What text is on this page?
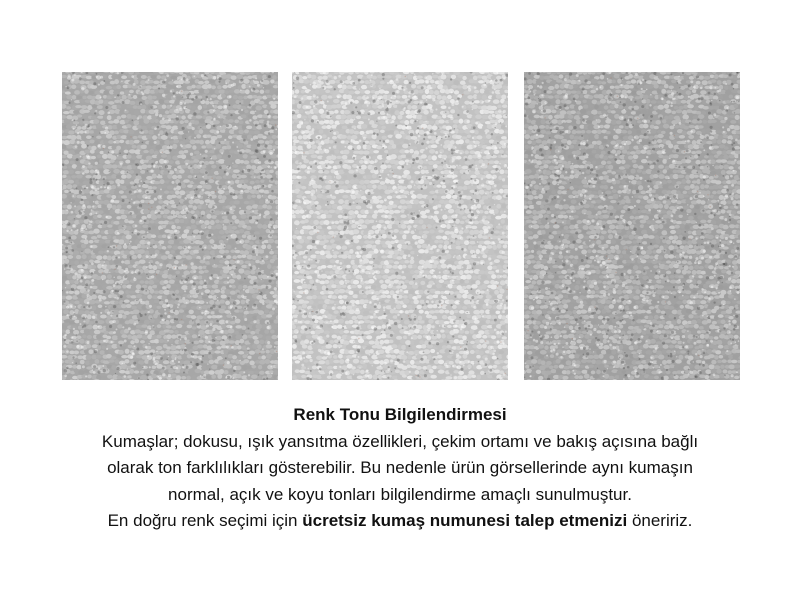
Renk Tonu Bilgilendirmesi
Kumaşlar; dokusu, ışık yansıtma özellikleri, çekim ortamı ve bakış açısına bağlı
olarak ton farklılıkları gösterebilir. Bu nedenle ürün görsellerinde aynı kumaşın
normal, açık ve koyu tonları bilgilendirme amaçlı sunulmuştur.
En doğru renk seçimi için ücretsiz kumaş numunesi talep etmenizi öneririz.
